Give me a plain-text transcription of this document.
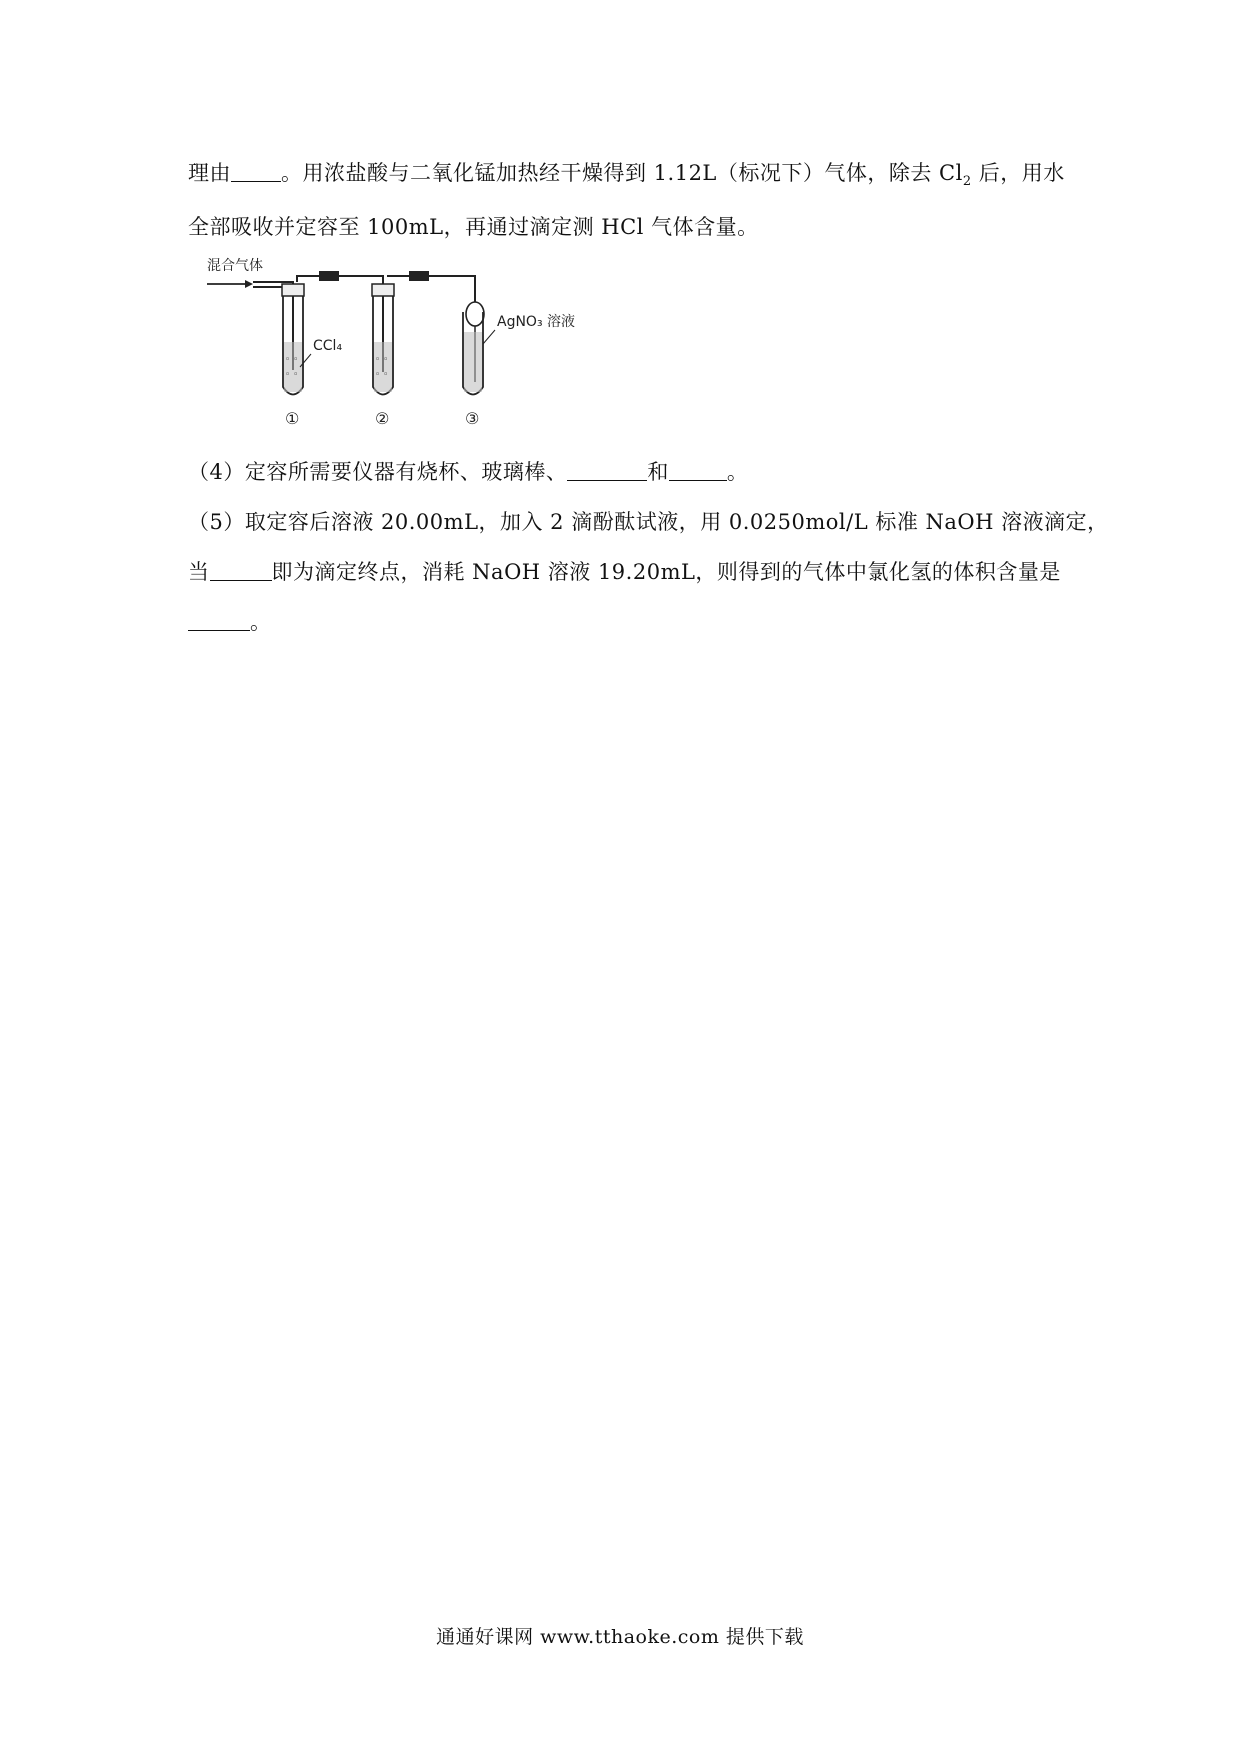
理由 。用浓盐酸与二氧化锰加热经干燥得到 1.12L（标况下）气体，除去 $Cl_2$ 后，用水
全部吸收并定容至 100mL，再通过滴定测 HCl 气体含量。
混合气体
◦ ◦
◦ ◦
CCl₄
①
◦ ◦
◦ ◦
②
AgNO₃ 溶液
③
（4）定容所需要仪器有烧杯、玻璃棒、	和	。
（5）取定容后溶液 20.00mL，加入 2 滴酚酞试液，用 0.0250mol/L 标准 NaOH 溶液滴定，
当	即为滴定终点，消耗 NaOH 溶液 19.20mL，则得到的气体中氯化氢的体积含量是
。
通通好课网 www.tthaoke.com 提供下载
